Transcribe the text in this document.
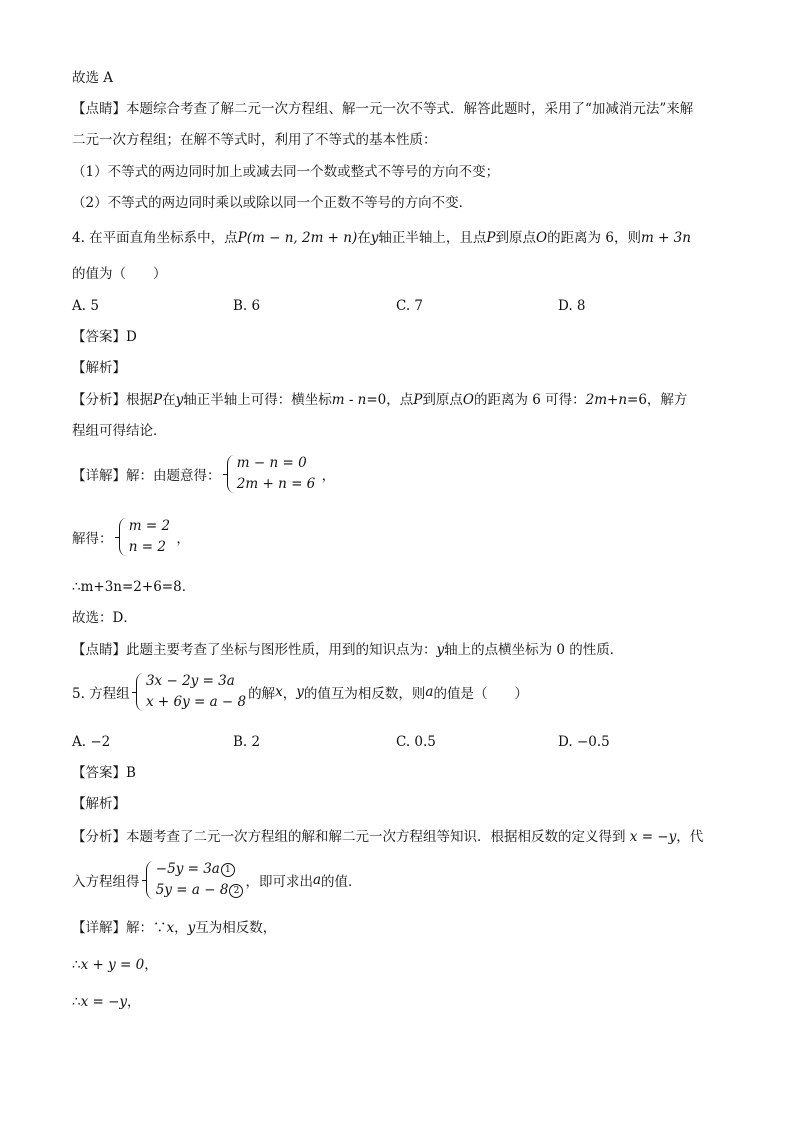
故选 A
【点睛】本题综合考查了解二元一次方程组、解一元一次不等式．解答此题时，采用了“加减消元法”来解
二元一次方程组；在解不等式时，利用了不等式的基本性质：
（1）不等式的两边同时加上或减去同一个数或整式不等号的方向不变；
（2）不等式的两边同时乘以或除以同一个正数不等号的方向不变．
4. 在平面直角坐标系中，点P(m − n, 2m + n)在y轴正半轴上，且点P到原点O的距离为 6，则m + 3n
的值为（　　）
A. 5	B. 6	C. 7	D. 8
【答案】D
【解析】
【分析】根据P在y轴正半轴上可得：横坐标m - n=0，点P到原点O的距离为 6 可得：2m+n=6，解方
程组可得结论．
【详解】解：由题意得：
m − n = 0
2m + n = 6 ，
解得：
m = 2
n = 2 ，
∴m+3n=2+6=8．
故选：D．
【点睛】此题主要考查了坐标与图形性质，用到的知识点为：y轴上的点横坐标为 0 的性质．
5. 方程组
3x − 2y = 3a
x + 6y = a − 8 的解x，y的值互为相反数，则a的值是（　　）
A. −2	B. 2	C. 0.5	D. −0.5
【答案】B
【解析】
【分析】本题考查了二元一次方程组的解和解二元一次方程组等知识．根据相反数的定义得到 x = −y，代
入方程组得
−5y = 3a 1
5y = a − 8 2
，即可求出a的值．
【详解】解：∵x，y互为相反数，
∴x + y = 0，
∴x = −y，
